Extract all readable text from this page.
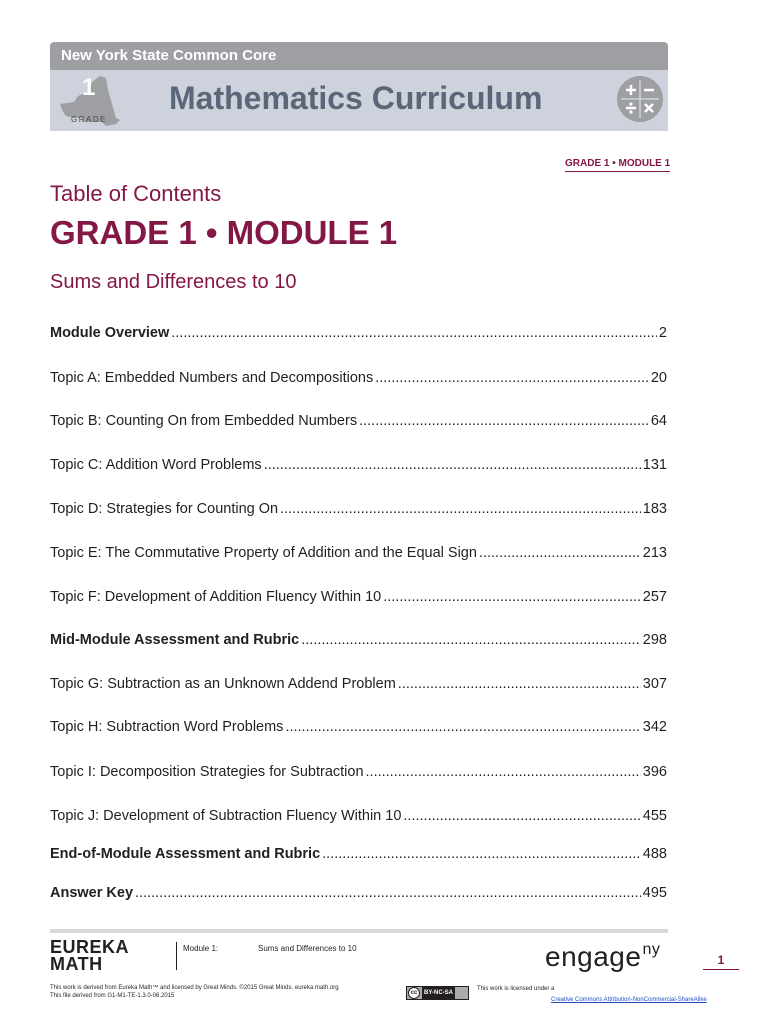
New York State Common Core
1
GRADE
Mathematics Curriculum
GRADE 1 • MODULE 1
Table of Contents
GRADE 1 • MODULE 1
Sums and Differences to 10
Module Overview .....	2
Topic A: Embedded Numbers and Decompositions .....	20
Topic B: Counting On from Embedded Numbers .....	64
Topic C: Addition Word Problems .....	131
Topic D: Strategies for Counting On .....	183
Topic E: The Commutative Property of Addition and the Equal Sign .....	213
Topic F: Development of Addition Fluency Within 10 .....	257
Mid-Module Assessment and Rubric .....	298
Topic G: Subtraction as an Unknown Addend Problem .....	307
Topic H: Subtraction Word Problems .....	342
Topic I: Decomposition Strategies for Subtraction .....	396
Topic J: Development of Subtraction Fluency Within 10 .....	455
End-of-Module Assessment and Rubric .....	488
Answer Key .....	495
EUREKA
MATH
Module 1:	Sums and Differences to 10	engage$^{ny}$
1
This work is derived from Eureka Math™ and licensed by Great Minds. ©2015 Great Minds. eureka math.org
This file derived from G1-M1-TE-1.3.0-06.2015	cc	BY-NC-SA
This work is licensed under a
Creative Commons Attribution-NonCommercial-ShareAlike
